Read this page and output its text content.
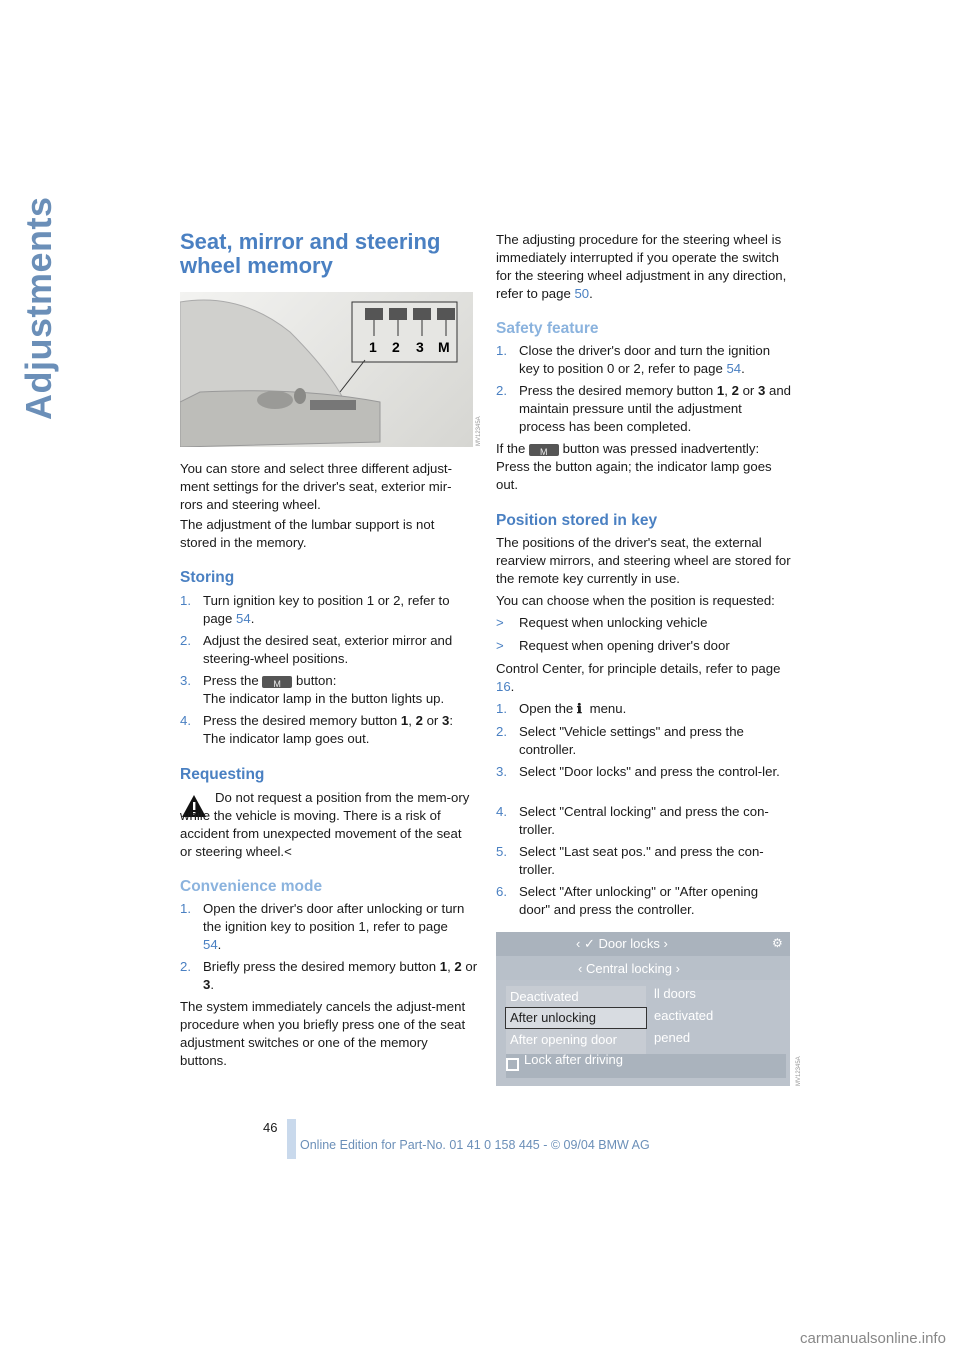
Adjustments	Seat, mirror and steering wheel memory
1 2 3 M
MV12345A
You can store and select three different adjust-ment settings for the driver's seat, exterior mir-rors and steering wheel.
The adjustment of the lumbar support is not stored in the memory.
Storing
1. Turn ignition key to position 1 or 2, refer to page 54.
2. Adjust the desired seat, exterior mirror and steering-wheel positions.
3. Press the M button:
The indicator lamp in the button lights up.
4. Press the desired memory button 1, 2 or 3:
The indicator lamp goes out.
Requesting
Do not request a position from the mem-ory while the vehicle is moving. There is a risk of accident from unexpected movement of the seat or steering wheel.<
Convenience mode
1. Open the driver's door after unlocking or turn the ignition key to position 1, refer to page 54.
2. Briefly press the desired memory button 1, 2 or 3.
The system immediately cancels the adjust-ment procedure when you briefly press one of the seat adjustment switches or one of the memory buttons.
The adjusting procedure for the steering wheel is immediately interrupted if you operate the switch for the steering wheel adjustment in any direction, refer to page 50.
Safety feature
1. Close the driver's door and turn the ignition key to position 0 or 2, refer to page 54.
2. Press the desired memory button 1, 2 or 3 and maintain pressure until the adjustment process has been completed.
If the M button was pressed inadvertently: Press the button again; the indicator lamp goes out.
Position stored in key
The positions of the driver's seat, the external rearview mirrors, and steering wheel are stored for the remote key currently in use.
You can choose when the position is requested:
> Request when unlocking vehicle
> Request when opening driver's door
Control Center, for principle details, refer to page 16.
1. Open the ℹ menu.
2. Select "Vehicle settings" and press the controller.
3. Select "Door locks" and press the control-ler.
4. Select "Central locking" and press the con-troller.
5. Select "Last seat pos." and press the con-troller.
6. Select "After unlocking" or "After opening door" and press the controller.
‹ ✓ Door locks ›	⚙
‹ Central locking ›
ll doors
eactivated
pened
Deactivated
After unlocking
After opening door
Lock after driving	MV12345A
46
Online Edition for Part-No. 01 41 0 158 445 - © 09/04 BMW AG
carmanualsonline.info
